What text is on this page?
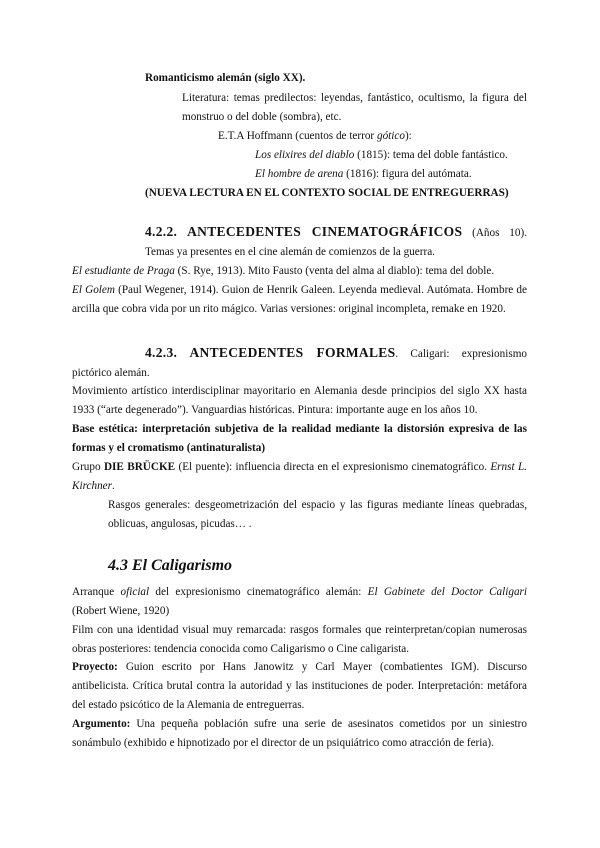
Romanticismo alemán (siglo XX).

Literatura: temas predilectos: leyendas, fantástico, ocultismo, la figura del monstruo o del doble (sombra), etc.

E.T.A Hoffmann (cuentos de terror gótico):

Los elixires del diablo (1815): tema del doble fantástico.

El hombre de arena (1816): figura del autómata.

(NUEVA LECTURA EN EL CONTEXTO SOCIAL DE ENTREGUERRAS)

4.2.2. ANTECEDENTES CINEMATOGRÁFICOS (Años 10). Temas ya presentes en el cine alemán de comienzos de la guerra.

El estudiante de Praga (S. Rye, 1913). Mito Fausto (venta del alma al diablo): tema del doble.

El Golem (Paul Wegener, 1914). Guion de Henrik Galeen. Leyenda medieval. Autómata. Hombre de arcilla que cobra vida por un rito mágico. Varias versiones: original incompleta, remake en 1920.

4.2.3. ANTECEDENTES FORMALES. Caligari: expresionismo pictórico alemán.

Movimiento artístico interdisciplinar mayoritario en Alemania desde principios del siglo XX hasta 1933 (“arte degenerado”). Vanguardias históricas. Pintura: importante auge en los años 10.

Base estética: interpretación subjetiva de la realidad mediante la distorsión expresiva de las formas y el cromatismo (antinaturalista)

Grupo DIE BRÜCKE (El puente): influencia directa en el expresionismo cinematográfico. Ernst L. Kirchner.

Rasgos generales: desgeometrización del espacio y las figuras mediante líneas quebradas, oblicuas, angulosas, picudas… .

4.3 El Caligarismo

Arranque oficial del expresionismo cinematográfico alemán: El Gabinete del Doctor Caligari (Robert Wiene, 1920)

Film con una identidad visual muy remarcada: rasgos formales que reinterpretan/copian numerosas obras posteriores: tendencia conocida como Caligarismo o Cine caligarista.

Proyecto: Guion escrito por Hans Janowitz y Carl Mayer (combatientes IGM). Discurso antibelicista. Crítica brutal contra la autoridad y las instituciones de poder. Interpretación: metáfora del estado psicótico de la Alemania de entreguerras.

Argumento: Una pequeña población sufre una serie de asesinatos cometidos por un siniestro sonámbulo (exhibido e hipnotizado por el director de un psiquiátrico como atracción de feria).
